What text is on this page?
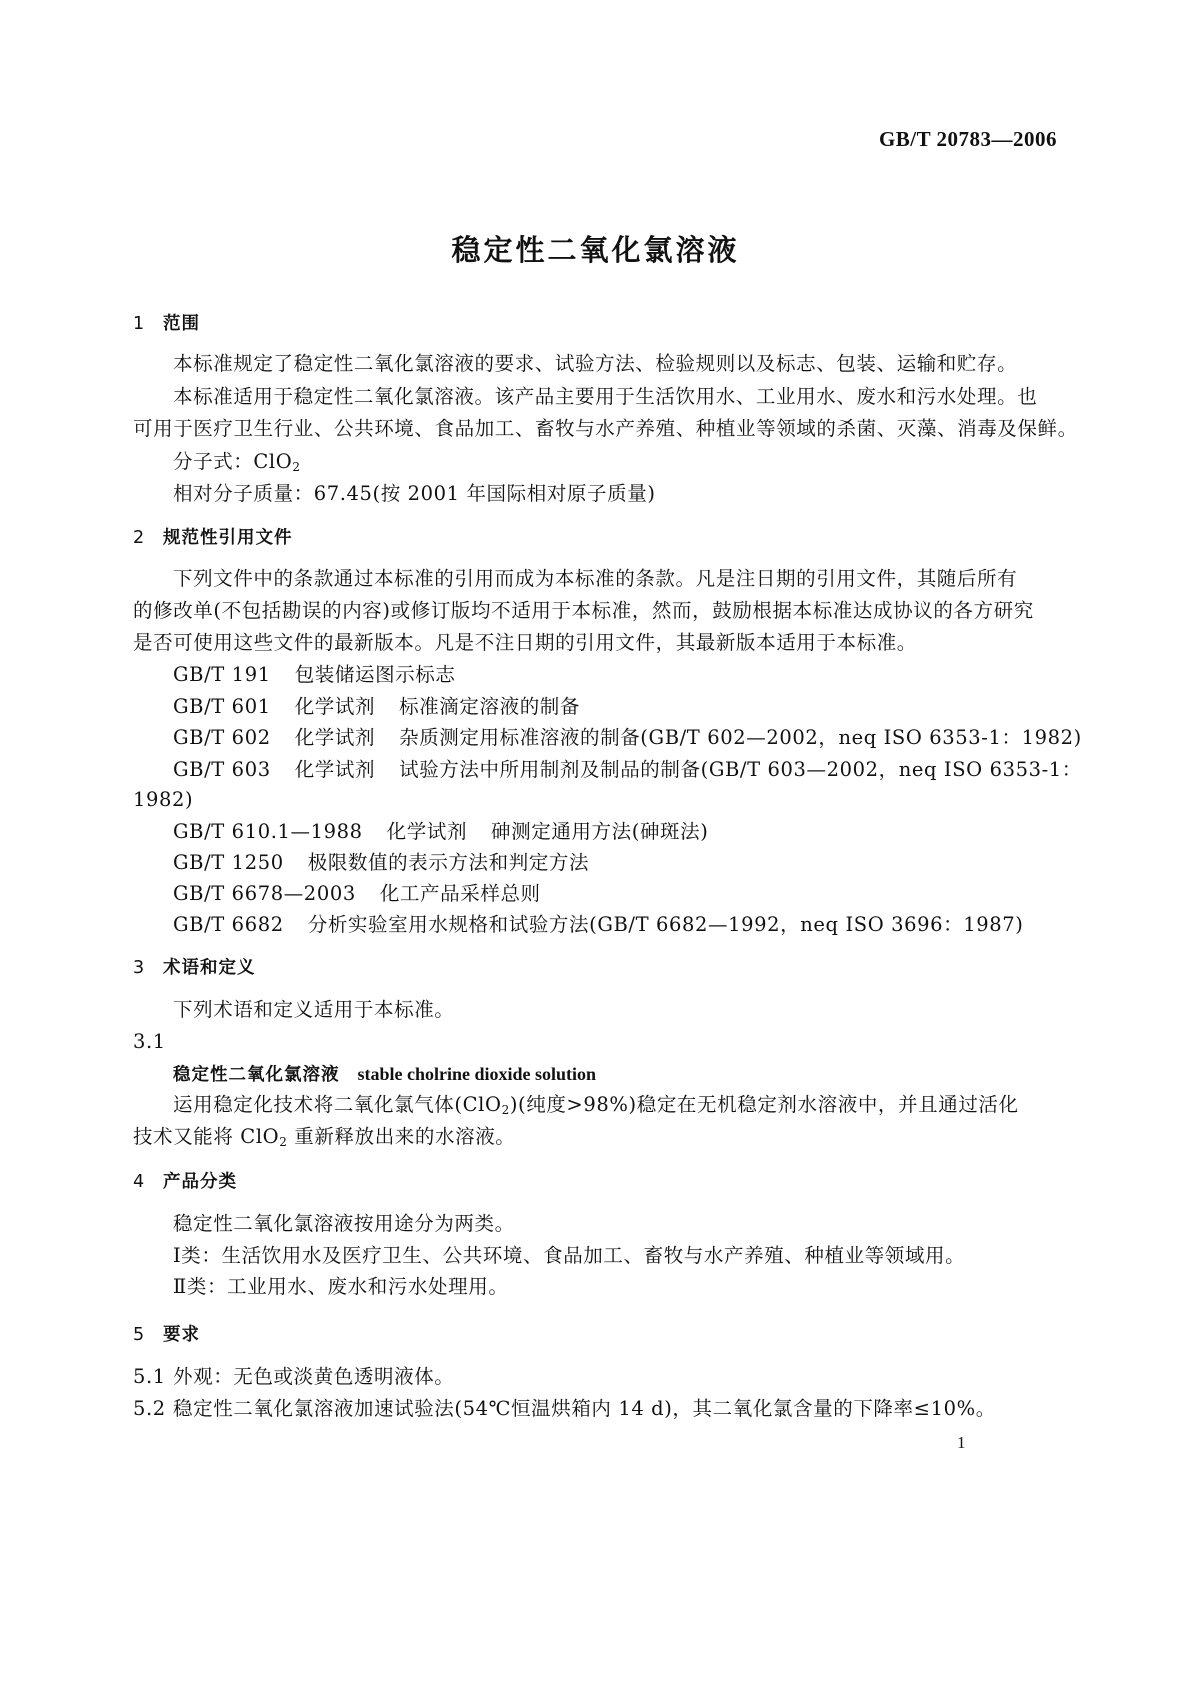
GB/T 20783—2006
稳定性二氧化氯溶液
1 范围
本标准规定了稳定性二氧化氯溶液的要求、试验方法、检验规则以及标志、包装、运输和贮存。
本标准适用于稳定性二氧化氯溶液。该产品主要用于生活饮用水、工业用水、废水和污水处理。也
可用于医疗卫生行业、公共环境、食品加工、畜牧与水产养殖、种植业等领域的杀菌、灭藻、消毒及保鲜。
分子式：ClO$_2$
相对分子质量：67.45(按 2001 年国际相对原子质量)
2 规范性引用文件
下列文件中的条款通过本标准的引用而成为本标准的条款。凡是注日期的引用文件，其随后所有
的修改单(不包括勘误的内容)或修订版均不适用于本标准，然而，鼓励根据本标准达成协议的各方研究
是否可使用这些文件的最新版本。凡是不注日期的引用文件，其最新版本适用于本标准。
GB/T 191 包装储运图示标志
GB/T 601 化学试剂 标准滴定溶液的制备
GB/T 602 化学试剂 杂质测定用标准溶液的制备(GB/T 602—2002，neq ISO 6353-1：1982)
GB/T 603 化学试剂 试验方法中所用制剂及制品的制备(GB/T 603—2002，neq ISO 6353-1：
1982)
GB/T 610.1—1988 化学试剂 砷测定通用方法(砷斑法)
GB/T 1250 极限数值的表示方法和判定方法
GB/T 6678—2003 化工产品采样总则
GB/T 6682 分析实验室用水规格和试验方法(GB/T 6682—1992，neq ISO 3696：1987)
3 术语和定义
下列术语和定义适用于本标准。
3.1
稳定性二氧化氯溶液 stable cholrine dioxide solution
运用稳定化技术将二氧化氯气体(ClO$_2$)(纯度>98%)稳定在无机稳定剂水溶液中，并且通过活化
技术又能将 ClO$_2$ 重新释放出来的水溶液。
4 产品分类
稳定性二氧化氯溶液按用途分为两类。
Ⅰ类：生活饮用水及医疗卫生、公共环境、食品加工、畜牧与水产养殖、种植业等领域用。
Ⅱ类：工业用水、废水和污水处理用。
5 要求
5.1 外观：无色或淡黄色透明液体。
5.2 稳定性二氧化氯溶液加速试验法(54℃恒温烘箱内 14 d)，其二氧化氯含量的下降率≤10%。
1
